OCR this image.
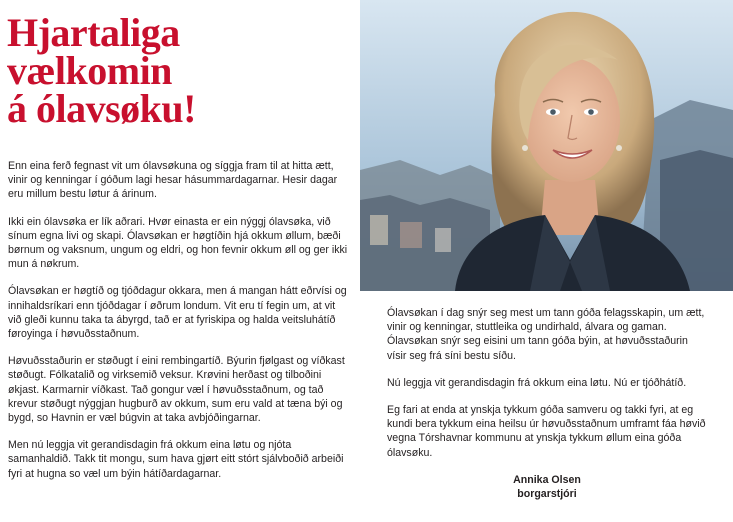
Hjartaliga vælkomin
á ólavsøku!

Enn eina ferð fegnast vit um ólavsøkuna og síggja fram til at hitta ætt, vinir og kenningar í góðum lagi hesar hásummardagarnar. Hesir dagar eru millum bestu løtur á árinum.

Ikki ein ólavsøka er lík aðrari. Hvør einasta er ein nýggj ólavsøka, við sínum egna livi og skapi. Ólavsøkan er høgtíðin hjá okkum øllum, bæði børnum og vaksnum, ungum og eldri, og hon fevnir okkum øll og ger ikki mun á nøkrum.

Ólavsøkan er høgtíð og tjóðdagur okkara, men á mangan hátt eðrvísi og innihaldsríkari enn tjóðdagar í øðrum londum. Vit eru tí fegin um, at vit við gleði kunnu taka ta ábyrgd, tað er at fyriskipa og halda veitsluhátíð føroyinga í høvuðsstaðnum.

Høvuðsstaðurin er støðugt í eini rembingartíð. Býurin fjølgast og víðkast støðugt. Fólkatalið og virksemið veksur. Krøvini herðast og tilboðini økjast. Karmarnir víðkast. Tað gongur væl í høvuðsstaðnum, og tað krevur støðugt nýggjan hugburð av okkum, sum eru vald at tæna býi og bygd, so Havnin er væl búgvin at taka avbjóðingarnar.

Men nú leggja vit gerandisdagin frá okkum eina løtu og njóta samanhaldið. Takk tit mongu, sum hava gjørt eitt stórt sjálvboðið arbeiði fyri at hugna so væl um býin hátíðardagarnar.

Ólavsøkan í dag snýr seg mest um tann góða felagsskapin, um ætt, vinir og kenningar, stuttleika og undirhald, álvara og gaman. Ólavsøkan snýr seg eisini um tann góða býin, at høvuðsstaðurin vísir seg frá síni bestu síðu.

Nú leggja vit gerandisdagin frá okkum eina løtu. Nú er tjóðhátíð.

Eg fari at enda at ynskja tykkum góða samveru og takki fyri, at eg kundi bera tykkum eina heilsu úr høvuðsstaðnum umframt fáa høvið vegna Tórshavnar kommunu at ynskja tykkum øllum eina góða ólavsøku.

Annika Olsen
borgarstjóri
